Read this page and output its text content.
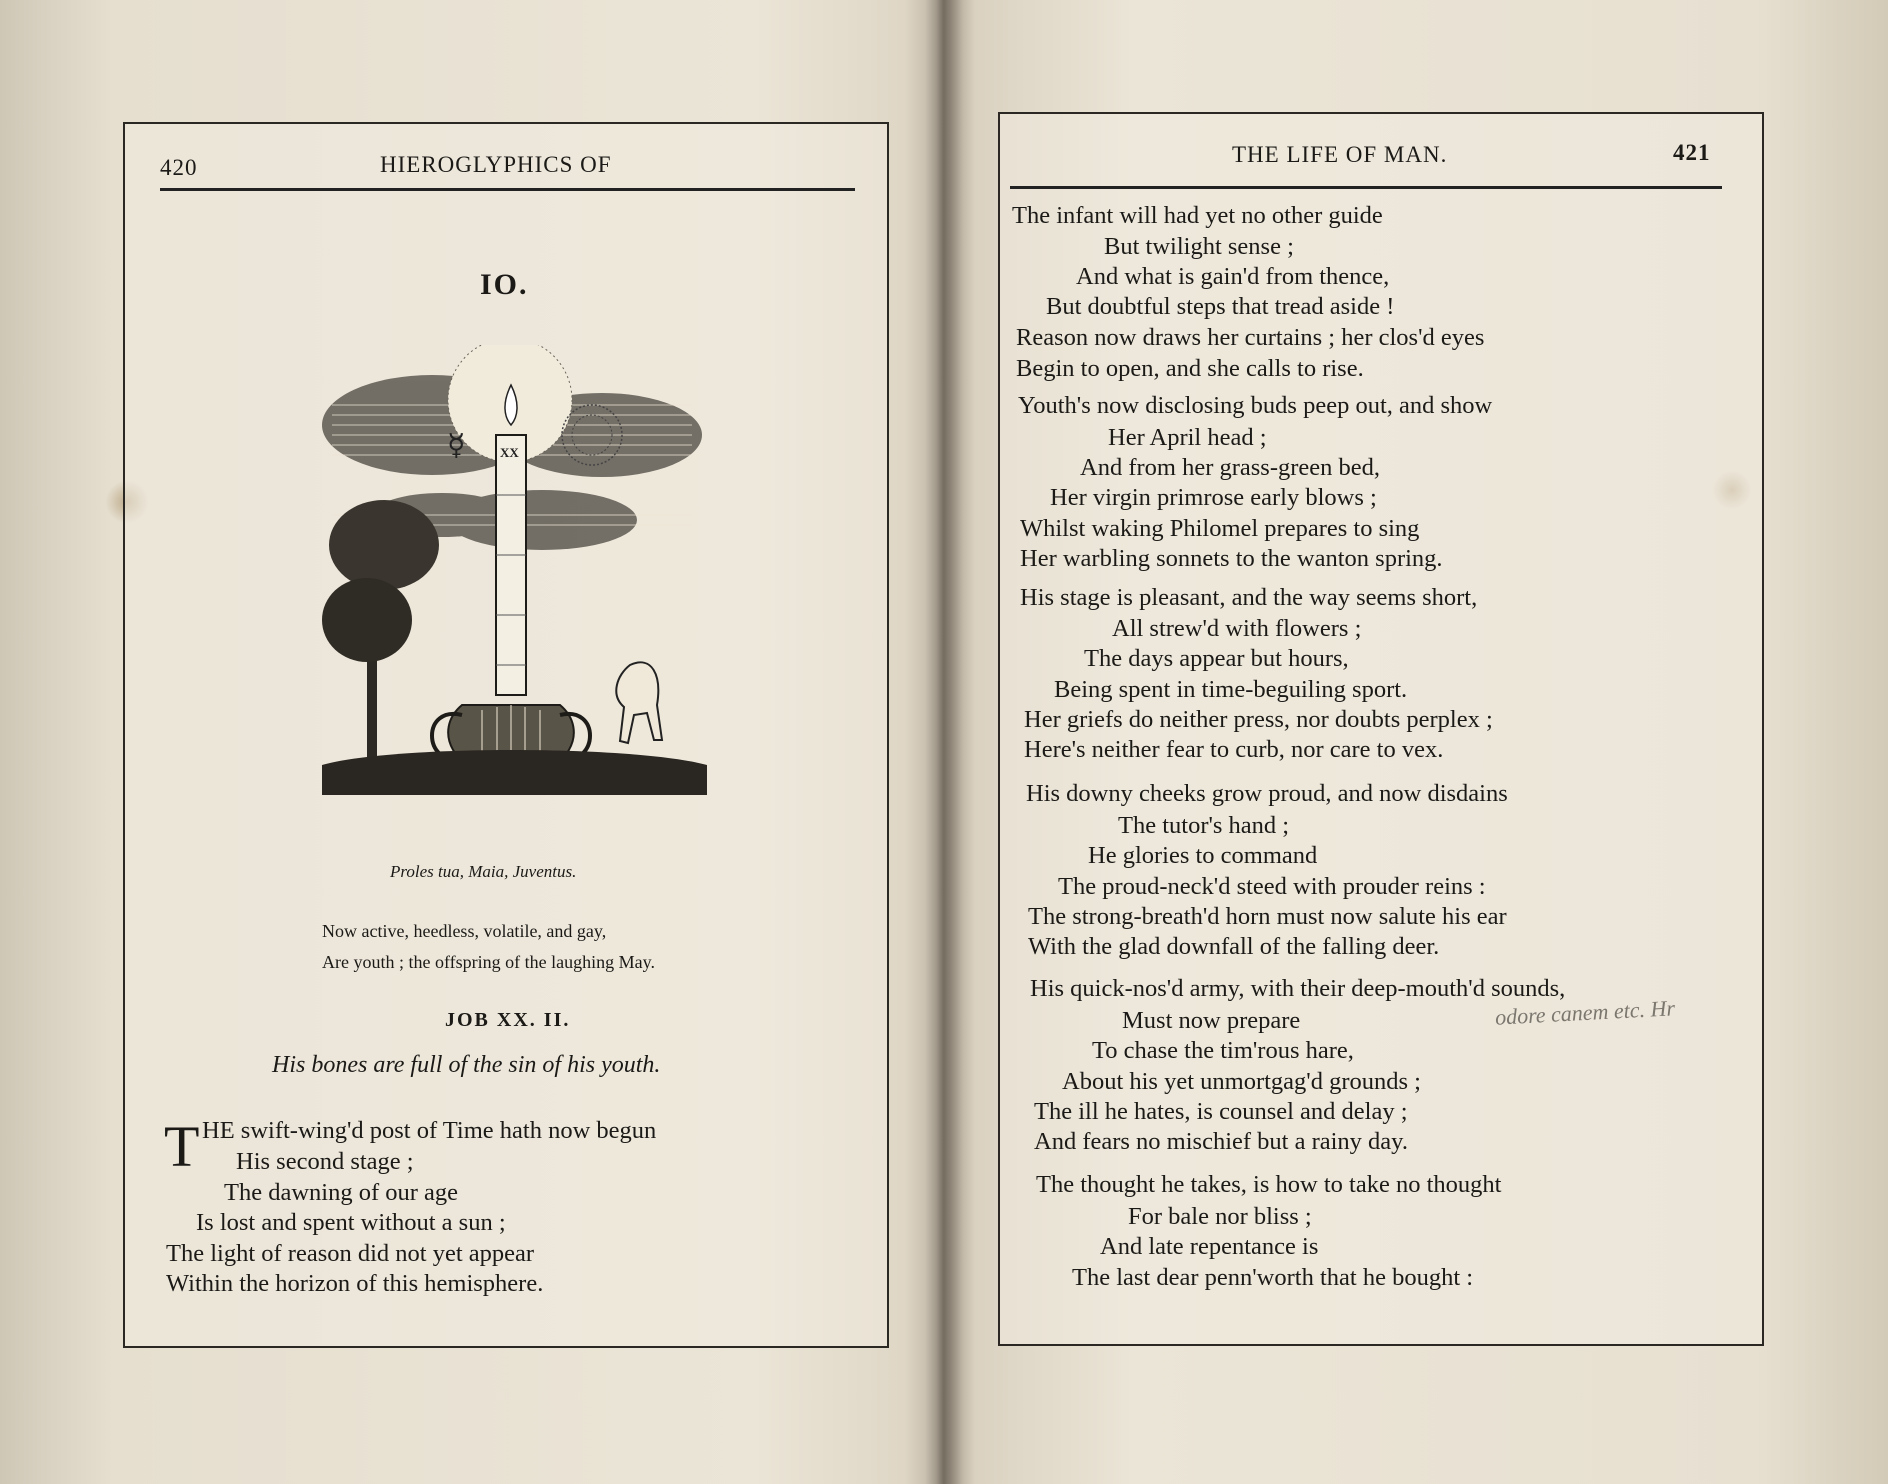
420	HIEROGLYPHICS OF
IO.
☿	XX
Proles tua, Maia, Juventus.
Now active, heedless, volatile, and gay,
Are youth ; the offspring of the laughing May.
JOB XX. II.
His bones are full of the sin of his youth.
T HE swift-wing'd post of Time hath now begun
His second stage ;
The dawning of our age
Is lost and spent without a sun ;
The light of reason did not yet appear
Within the horizon of this hemisphere.
THE LIFE OF MAN.	421
The infant will had yet no other guide
But twilight sense ;
And what is gain'd from thence,
But doubtful steps that tread aside !
Reason now draws her curtains ; her clos'd eyes
Begin to open, and she calls to rise.
Youth's now disclosing buds peep out, and show
Her April head ;
And from her grass-green bed,
Her virgin primrose early blows ;
Whilst waking Philomel prepares to sing
Her warbling sonnets to the wanton spring.
His stage is pleasant, and the way seems short,
All strew'd with flowers ;
The days appear but hours,
Being spent in time-beguiling sport.
Her griefs do neither press, nor doubts perplex ;
Here's neither fear to curb, nor care to vex.
His downy cheeks grow proud, and now disdains
The tutor's hand ;
He glories to command
The proud-neck'd steed with prouder reins :
The strong-breath'd horn must now salute his ear
With the glad downfall of the falling deer.
His quick-nos'd army, with their deep-mouth'd sounds,
Must now prepare
To chase the tim'rous hare,
About his yet unmortgag'd grounds ;
The ill he hates, is counsel and delay ;
And fears no mischief but a rainy day.
The thought he takes, is how to take no thought
For bale nor bliss ;
And late repentance is
The last dear penn'worth that he bought :
odore canem etc. Hr
